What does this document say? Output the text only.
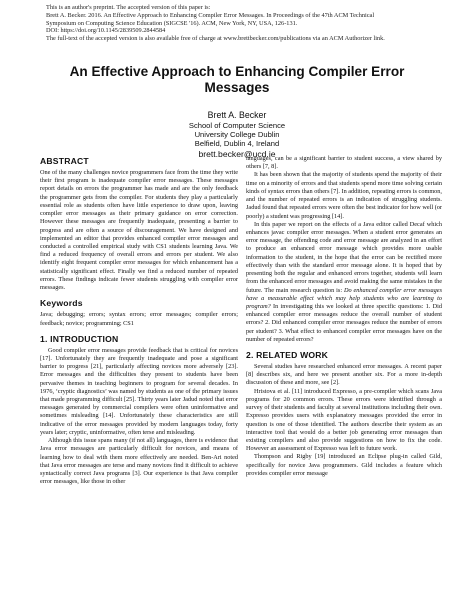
This is an author's preprint. The accepted version of this paper is:

Brett A. Becker. 2016. An Effective Approach to Enhancing Compiler Error Messages. In Proceedings of the 47th ACM Technical

Symposium on Computing Science Education (SIGCSE '16). ACM, New York, NY, USA, 126-131.

DOI: https://doi.org/10.1145/2839509.2844584

The full-text of the accepted version is also available free of charge at www.brettbecker.com/publications via an ACM Authorizer link.

An Effective Approach to Enhancing Compiler Error
Messages
Brett A. Becker
School of Computer Science
University College Dublin
Belfield, Dublin 4, Ireland
brett.becker@ucd.ie
ABSTRACT

One of the many challenges novice programmers face from the time they write their first program is inadequate compiler error messages. These messages report details on errors the programmer has made and are the only feedback the programmer gets from the compiler. For students they play a particularly essential role as students often have little experience to draw upon, leaving compiler error messages as their primary guidance on error correction. However these messages are frequently inadequate, presenting a barrier to progress and are often a source of discouragement. We have designed and implemented an editor that provides enhanced compiler error messages and conducted a controlled empirical study with CS1 students learning Java. We find a reduced frequency of overall errors and errors per student. We also identify eight frequent compiler error messages for which enhancement has a statistically significant effect. Finally we find a reduced number of repeated errors. These findings indicate fewer students struggling with compiler error messages.

Keywords

Java; debugging; errors; syntax errors; error messages; compiler errors; feedback; novice; programming; CS1

1. INTRODUCTION

Good compiler error messages provide feedback that is critical for novices [17]. Unfortunately they are frequently inadequate and pose a significant barrier to progress [21], particularly affecting novices more adversely [23]. Error messages and the difficulties they present to students have been pervasive themes in teaching beginners to program for several decades. In 1976, ‘cryptic diagnostics’ was named by students as one of the primary issues that made programming difficult [25]. Thirty years later Jadud noted that error messages generated by commercial compilers were often uninformative and sometimes misleading [14]. Unfortunately these characteristics are still indicative of the error messages provided by modern languages today, forty years later; cryptic, uninformative, often terse and misleading.

Although this issue spans many (if not all) languages, there is evidence that Java error messages are particularly difficult for novices, and means of learning how to deal with them more effectively are needed. Ben-Ari noted that Java error messages are terse and many novices find it difficult to achieve syntactically correct Java programs [3]. Our experience is that Java compiler error messages, like those in other

languages, can be a significant barrier to student success, a view shared by others [7, 8].

It has been shown that the majority of students spend the majority of their time on a minority of errors and that students spend more time solving certain kinds of syntax errors than others [7]. In addition, repeating errors is common, and the number of repeated errors is an indication of struggling students. Jadud found that repeated errors were often the best indicator for how well (or poorly) a student was progressing [14].

In this paper we report on the effects of a Java editor called Decaf which enhances javac compiler error messages. When a student error generates an error message, the offending code and error message are analyzed in an effort to produce an enhanced error message which provides more usable information to the student, in the hope that the error can be rectified more effectively than with the standard error message alone. It is hoped that by presenting both the regular and enhanced errors together, students will learn from the enhanced error messages and avoid making the same mistakes in the future. The main research question is: Do enhanced compiler error messages have a measurable effect which may help students who are learning to program? In investigating this we looked at three specific questions: 1. Did enhanced compiler error messages reduce the overall number of student errors? 2. Did enhanced compiler error messages reduce the number of errors per student? 3. What effect to enhanced compiler error messages have on the number of repeated errors?

2. RELATED WORK

Several studies have researched enhanced error messages. A recent paper [8] describes six, and here we present another six. For a more in-depth discussion of these and more, see [2].

Hristova et al. [11] introduced Expresso, a pre-compiler which scans Java programs for 20 common errors. These errors were identified through a survey of their students and faculty at several institutions including their own. Expresso provides users with explanatory messages provided the error in question is one of those identified. The authors describe their system as an interactive tool that would do a better job generating error messages than existing compilers and also provide suggestions on how to fix the code. However an assessment of Expresso was left to future work.

Thompson and Rigby [19] introduced an Eclipse plug-in called Gild, specifically for novice Java programmers. Gild includes a feature which provides compiler error message
